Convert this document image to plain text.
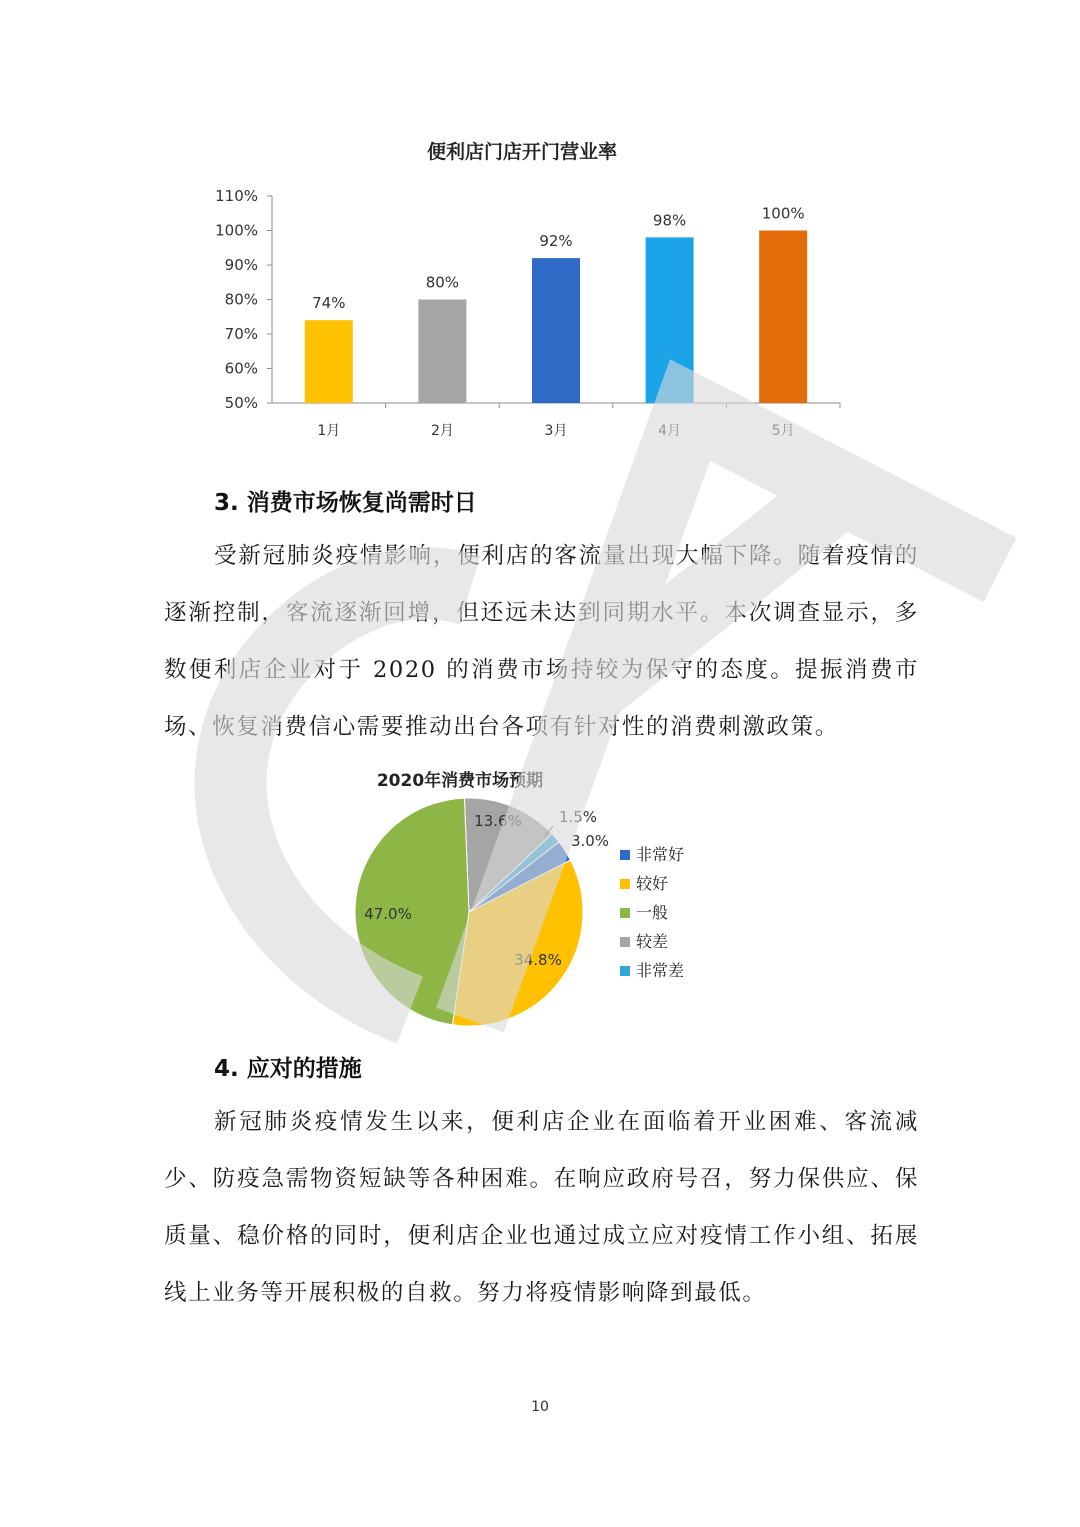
便利店门店开门营业率
50%
60%
70%
80%
90%
100%
110%
74%
1月
80%
2月
92%
3月
98%
4月
100%
5月
3. 消费市场恢复尚需时日

受新冠肺炎疫情影响，便利店的客流量出现大幅下降。随着疫情的逐渐控制，客流逐渐回增，但还远未达到同期水平。本次调查显示，多数便利店企业对于 2020 的消费市场持较为保守的态度。提振消费市场、恢复消费信心需要推动出台各项有针对性的消费刺激政策。

2020年消费市场预期
13.6% 1.5%
3.0%
34.8%
47.0%
非常好
较好
一般
较差
非常差
4. 应对的措施

新冠肺炎疫情发生以来，便利店企业在面临着开业困难、客流减少、防疫急需物资短缺等各种困难。在响应政府号召，努力保供应、保质量、稳价格的同时，便利店企业也通过成立应对疫情工作小组、拓展线上业务等开展积极的自救。努力将疫情影响降到最低。

10
